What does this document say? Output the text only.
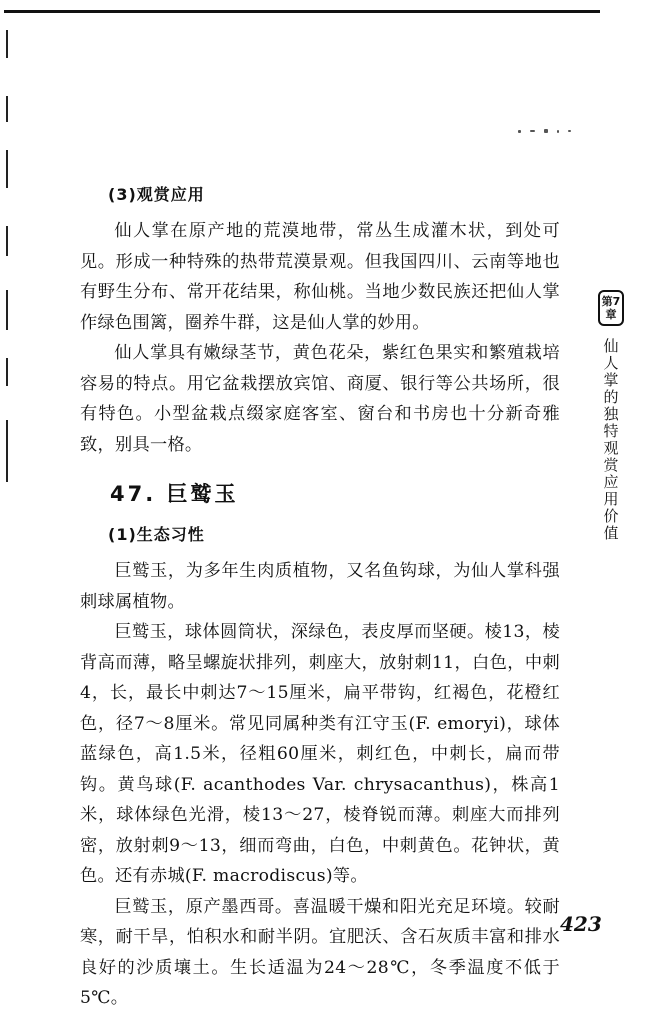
(3)观赏应用

仙人掌在原产地的荒漠地带，常丛生成灌木状，到处可见。形成一种特殊的热带荒漠景观。但我国四川、云南等地也有野生分布、常开花结果，称仙桃。当地少数民族还把仙人掌作绿色围篱，圈养牛群，这是仙人掌的妙用。

仙人掌具有嫩绿茎节，黄色花朵，紫红色果实和繁殖栽培容易的特点。用它盆栽摆放宾馆、商厦、银行等公共场所，很有特色。小型盆栽点缀家庭客室、窗台和书房也十分新奇雅致，别具一格。

47. 巨鹫玉
(1)生态习性

巨鹫玉，为多年生肉质植物，又名鱼钩球，为仙人掌科强刺球属植物。

巨鹫玉，球体圆筒状，深绿色，表皮厚而坚硬。棱13，棱背高而薄，略呈螺旋状排列，刺座大，放射刺11，白色，中刺4，长，最长中刺达7～15厘米，扁平带钩，红褐色，花橙红色，径7～8厘米。常见同属种类有江守玉(F. emoryi)，球体蓝绿色，高1.5米，径粗60厘米，刺红色，中刺长，扁而带钩。黄鸟球(F. acanthodes Var. chrysacanthus)，株高1米，球体绿色光滑，棱13～27，棱脊锐而薄。刺座大而排列密，放射刺9～13，细而弯曲，白色，中刺黄色。花钟状，黄色。还有赤城(F. macrodiscus)等。

巨鹫玉，原产墨西哥。喜温暖干燥和阳光充足环境。较耐寒，耐干旱，怕积水和耐半阴。宜肥沃、含石灰质丰富和排水良好的沙质壤土。生长适温为24～28℃，冬季温度不低于5℃。

第7章
仙人掌的独特观赏应用价值
423
